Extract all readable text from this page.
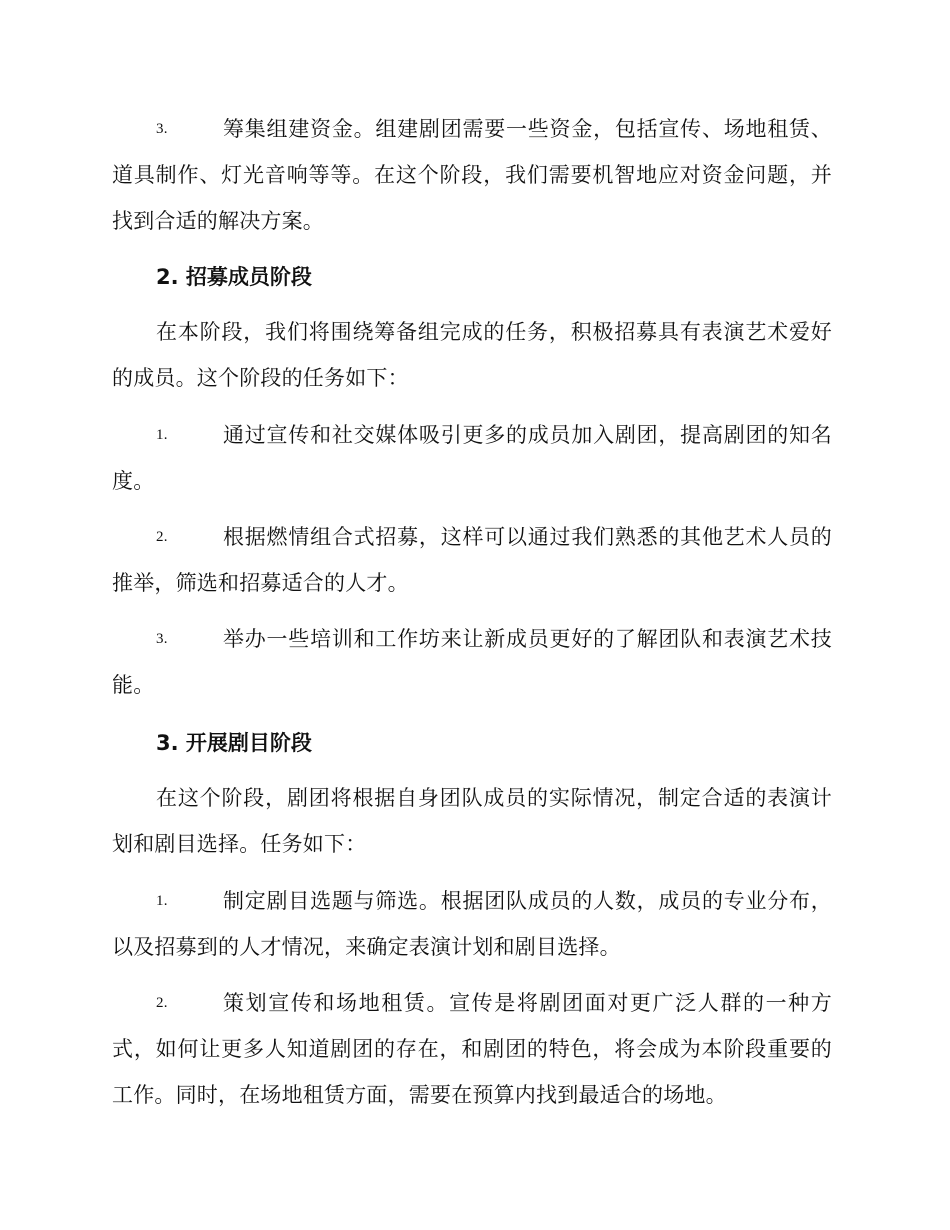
3.	筹集组建资金。组建剧团需要一些资金，包括宣传、场地租赁、道具制作、灯光音响等等。在这个阶段，我们需要机智地应对资金问题，并找到合适的解决方案。
2. 招募成员阶段
在本阶段，我们将围绕筹备组完成的任务，积极招募具有表演艺术爱好的成员。这个阶段的任务如下：
1.	通过宣传和社交媒体吸引更多的成员加入剧团，提高剧团的知名度。
2.	根据燃情组合式招募，这样可以通过我们熟悉的其他艺术人员的推举，筛选和招募适合的人才。
3.	举办一些培训和工作坊来让新成员更好的了解团队和表演艺术技能。
3. 开展剧目阶段
在这个阶段，剧团将根据自身团队成员的实际情况，制定合适的表演计划和剧目选择。任务如下：
1.	制定剧目选题与筛选。根据团队成员的人数，成员的专业分布，以及招募到的人才情况，来确定表演计划和剧目选择。
2.	策划宣传和场地租赁。宣传是将剧团面对更广泛人群的一种方式，如何让更多人知道剧团的存在，和剧团的特色，将会成为本阶段重要的工作。同时，在场地租赁方面，需要在预算内找到最适合的场地。
